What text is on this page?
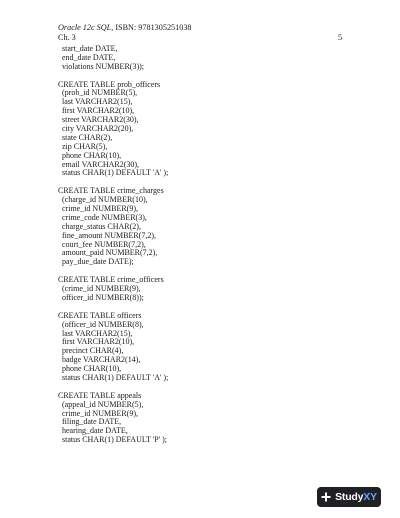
Oracle 12c SQL, ISBN: 9781305251038
Ch. 3	5
start_date DATE,
end_date DATE,
violations NUMBER(3));
CREATE TABLE prob_officers
(prob_id NUMBER(5),
last VARCHAR2(15),
first VARCHAR2(10),
street VARCHAR2(30),
city VARCHAR2(20),
state CHAR(2),
zip CHAR(5),
phone CHAR(10),
email VARCHAR2(30),
status CHAR(1) DEFAULT 'A' );
CREATE TABLE crime_charges
(charge_id NUMBER(10),
crime_id NUMBER(9),
crime_code NUMBER(3),
charge_status CHAR(2),
fine_amount NUMBER(7,2),
court_fee NUMBER(7,2),
amount_paid NUMBER(7,2),
pay_due_date DATE);
CREATE TABLE crime_officers
(crime_id NUMBER(9),
officer_id NUMBER(8));
CREATE TABLE officers
(officer_id NUMBER(8),
last VARCHAR2(15),
first VARCHAR2(10),
precinct CHAR(4),
badge VARCHAR2(14),
phone CHAR(10),
status CHAR(1) DEFAULT 'A' );
CREATE TABLE appeals
(appeal_id NUMBER(5),
crime_id NUMBER(9),
filing_date DATE,
hearing_date DATE,
status CHAR(1) DEFAULT 'P' );
StudyXY
